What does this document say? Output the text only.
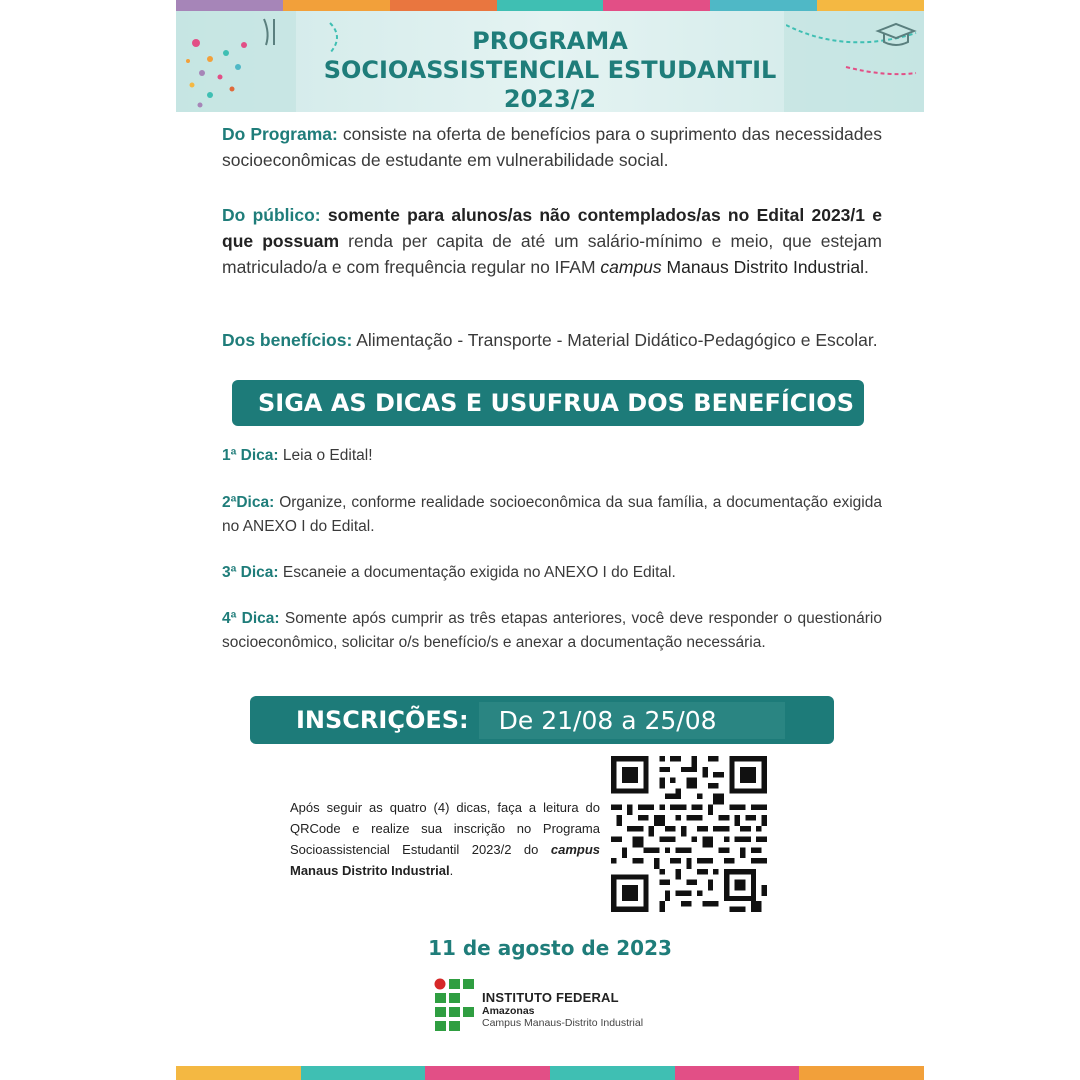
PROGRAMA
SOCIOASSISTENCIAL ESTUDANTIL
2023/2

Do Programa: consiste na oferta de benefícios para o suprimento das necessidades socioeconômicas de estudante em vulnerabilidade social.

Do público: somente para alunos/as não contemplados/as no Edital 2023/1 e que possuam renda per capita de até um salário-mínimo e meio, que estejam matriculado/a e com frequência regular no IFAM campus Manaus Distrito Industrial.

Dos benefícios: Alimentação - Transporte - Material Didático-Pedagógico e Escolar.

SIGA AS DICAS E USUFRUA DOS BENEFÍCIOS

1ª Dica: Leia o Edital!

2ªDica: Organize, conforme realidade socioeconômica da sua família, a documentação exigida no ANEXO I do Edital.

3ª Dica: Escaneie a documentação exigida no ANEXO I do Edital.

4ª Dica: Somente após cumprir as três etapas anteriores, você deve responder o questionário socioeconômico, solicitar o/s benefício/s e anexar a documentação necessária.

INSCRIÇÕES:	De 21/08 a 25/08

Após seguir as quatro (4) dicas, faça a leitura do QRCode e realize sua inscrição no Programa Socioassistencial Estudantil 2023/2 do campus Manaus Distrito Industrial.

11 de agosto de 2023
INSTITUTO FEDERAL
Amazonas
Campus Manaus-Distrito Industrial
